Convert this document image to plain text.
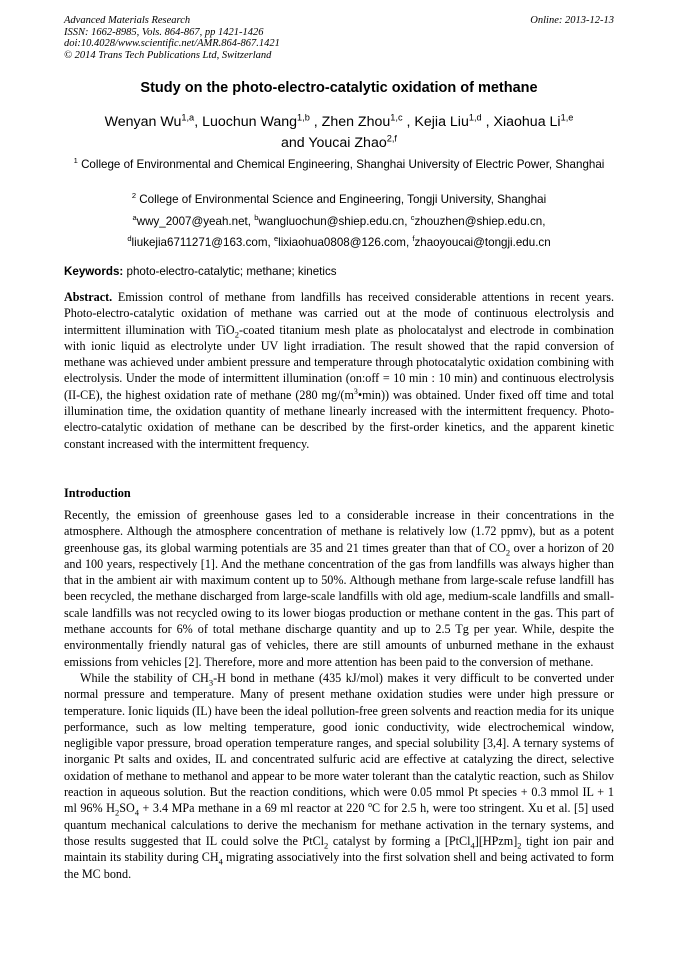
Advanced Materials Research
ISSN: 1662-8985, Vols. 864-867, pp 1421-1426
doi:10.4028/www.scientific.net/AMR.864-867.1421
© 2014 Trans Tech Publications Ltd, Switzerland
Online: 2013-12-13
Study on the photo-electro-catalytic oxidation of methane
Wenyan Wu$^{1,a}$, Luochun Wang$^{1,b}$ , Zhen Zhou$^{1,c}$ , Kejia Liu$^{1,d}$ , Xiaohua Li$^{1,e}$
and Youcai Zhao$^{2,f}$
$^1$ College of Environmental and Chemical Engineering, Shanghai University of Electric Power, Shanghai
$^2$ College of Environmental Science and Engineering, Tongji University, Shanghai
$^a$wwy_2007@yeah.net, $^b$wangluochun@shiep.edu.cn, $^c$zhouzhen@shiep.edu.cn,
$^d$liukejia6711271@163.com, $^e$lixiaohua0808@126.com, $^f$zhaoyoucai@tongji.edu.cn
Keywords: photo-electro-catalytic; methane; kinetics
Abstract. Emission control of methane from landfills has received considerable attentions in recent years. Photo-electro-catalytic oxidation of methane was carried out at the mode of continuous electrolysis and intermittent illumination with TiO$_2$-coated titanium mesh plate as pholocatalyst and electrode in combination with ionic liquid as electrolyte under UV light irradiation. The result showed that the rapid conversion of methane was achieved under ambient pressure and temperature through photocatalytic oxidation combining with electrolysis. Under the mode of intermittent illumination (on:off = 10 min : 10 min) and continuous electrolysis (II-CE), the highest oxidation rate of methane (280 $mg/(m^3•\min)$) was obtained. Under fixed off time and total illumination time, the oxidation quantity of methane linearly increased with the intermittent frequency. Photo-electro-catalytic oxidation of methane can be described by the first-order kinetics, and the apparent kinetic constant increased with the intermittent frequency.
Introduction

Recently, the emission of greenhouse gases led to a considerable increase in their concentrations in the atmosphere. Although the atmosphere concentration of methane is relatively low (1.72 ppmv), but as a potent greenhouse gas, its global warming potentials are 35 and 21 times greater than that of $CO_2$ over a horizon of 20 and 100 years, respectively [1]. And the methane concentration of the gas from landfills was always higher than that in the ambient air with maximum content up to 50%. Although methane from large-scale refuse landfill has been recycled, the methane discharged from large-scale landfills with old age, medium-scale landfills and small-scale landfills was not recycled owing to its lower biogas production or methane content in the gas. This part of methane accounts for 6% of total methane discharge quantity and up to 2.5 Tg per year. While, despite the environmentally friendly natural gas of vehicles, there are still amounts of unburned methane in the exhaust emissions from vehicles [2]. Therefore, more and more attention has been paid to the conversion of methane.

While the stability of $CH_3-H$ bond in methane (435 kJ/mol) makes it very difficult to be converted under normal pressure and temperature. Many of present methane oxidation studies were under high pressure or temperature. Ionic liquids (IL) have been the ideal pollution-free green solvents and reaction media for its unique performance, such as low melting temperature, good ionic conductivity, wide electrochemical window, negligible vapor pressure, broad operation temperature ranges, and special solubility [3,4]. A ternary systems of inorganic Pt salts and oxides, IL and concentrated sulfuric acid are effective at catalyzing the direct, selective oxidation of methane to methanol and appear to be more water tolerant than the catalytic reaction, such as Shilov reaction in aqueous solution. But the reaction conditions, which were 0.05 mmol Pt species + 0.3 mmol IL + 1 ml 96% $H_2SO_4 + 3.4$ MPa methane in a 69 ml reactor at 220 $^o$C for 2.5 h, were too stringent. Xu et al. [5] used quantum mechanical calculations to derive the mechanism for methane activation in the ternary systems, and those results suggested that IL could solve the PtCl$_2$ catalyst by forming a $[PtCl_4][HPzm]_2$ tight ion pair and maintain its stability during $CH_4$ migrating associatively into the first solvation shell and being activated to form the MC bond.
